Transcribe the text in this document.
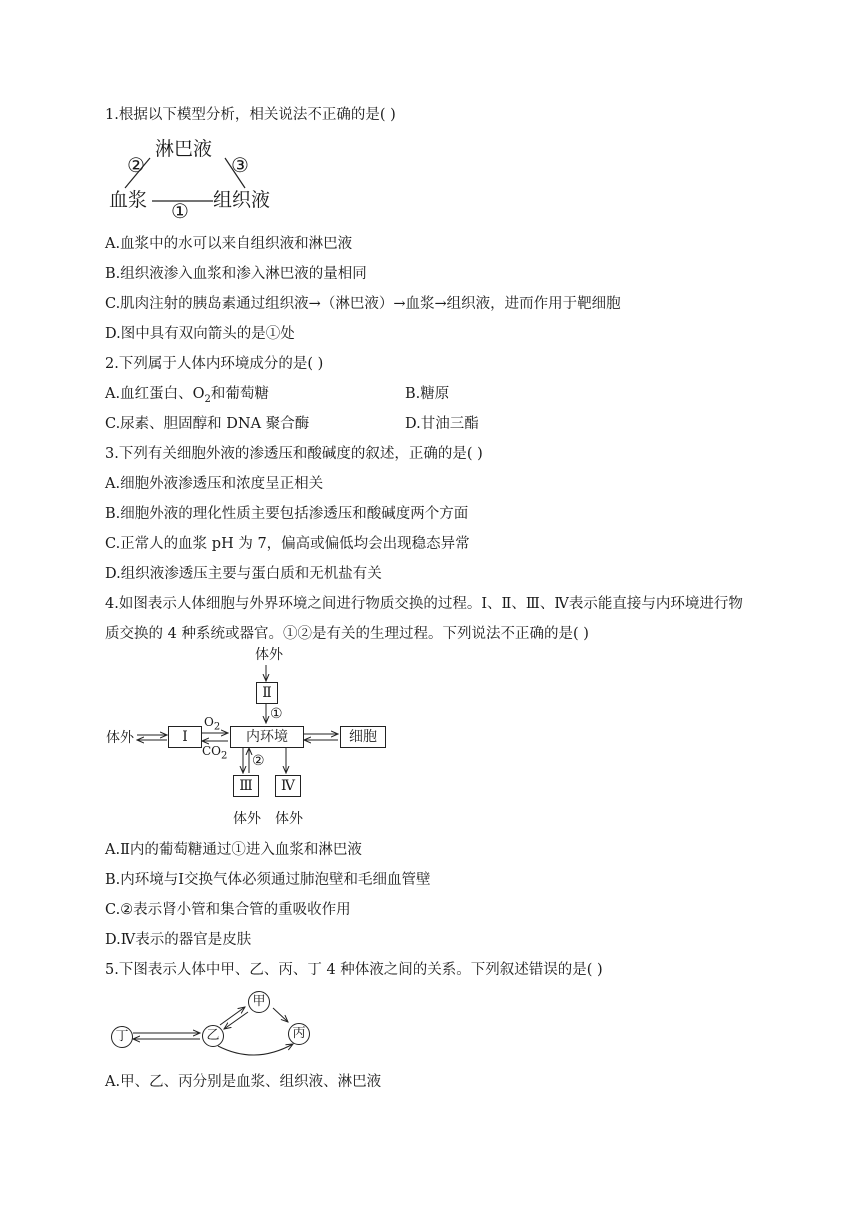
1.根据以下模型分析，相关说法不正确的是( )
淋巴液
②	③
血浆	组织液
①
A.血浆中的水可以来自组织液和淋巴液
B.组织液渗入血浆和渗入淋巴液的量相同
C.肌肉注射的胰岛素通过组织液→（淋巴液）→血浆→组织液，进而作用于靶细胞
D.图中具有双向箭头的是①处
2.下列属于人体内环境成分的是( )
A.血红蛋白、$O_2$和葡萄糖	B.糖原
C.尿素、胆固醇和 DNA 聚合酶	D.甘油三酯
3.下列有关细胞外液的渗透压和酸碱度的叙述，正确的是( )
A.细胞外液渗透压和浓度呈正相关
B.细胞外液的理化性质主要包括渗透压和酸碱度两个方面
C.正常人的血浆 pH 为 7，偏高或偏低均会出现稳态异常
D.组织液渗透压主要与蛋白质和无机盐有关
4.如图表示人体细胞与外界环境之间进行物质交换的过程。Ⅰ、Ⅱ、Ⅲ、Ⅳ表示能直接与内环境进行物质交换的 4 种系统或器官。①②是有关的生理过程。下列说法不正确的是( )
体外
Ⅱ
①
体外	Ⅰ
$O_2$
$CO_2$
内环境	细胞
②
Ⅲ	Ⅳ
体外 体外
A.Ⅱ内的葡萄糖通过①进入血浆和淋巴液
B.内环境与Ⅰ交换气体必须通过肺泡壁和毛细血管壁
C.②表示肾小管和集合管的重吸收作用
D.Ⅳ表示的器官是皮肤
5.下图表示人体中甲、乙、丙、丁 4 种体液之间的关系。下列叙述错误的是( )
甲
乙	丙
丁
A.甲、乙、丙分别是血浆、组织液、淋巴液
